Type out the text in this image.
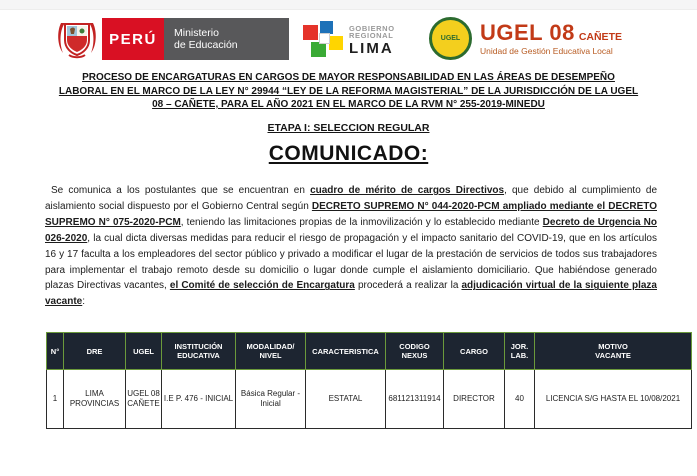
PERÚ	Ministerio
de Educación
GOBIERNO
REGIONAL
LIMA
UGEL UGEL 08 CAÑETE
Unidad de Gestión Educativa Local
PROCESO DE ENCARGATURAS EN CARGOS DE MAYOR RESPONSABILIDAD EN LAS ÁREAS DE DESEMPEÑO
LABORAL EN EL MARCO DE LA LEY N° 29944 “LEY DE LA REFORMA MAGISTERIAL” DE LA JURISDICCIÓN DE LA UGEL
08 – CAÑETE, PARA EL AÑO 2021 EN EL MARCO DE LA RVM N° 255-2019-MINEDU
ETAPA I: SELECCION REGULAR
COMUNICADO:
Se comunica a los postulantes que se encuentran en cuadro de mérito de cargos Directivos, que debido al cumplimiento de aislamiento social dispuesto por el Gobierno Central según DECRETO SUPREMO N° 044-2020-PCM ampliado mediante el DECRETO SUPREMO N° 075-2020-PCM, teniendo las limitaciones propias de la inmovilización y lo establecido mediante Decreto de Urgencia No 026-2020, la cual dicta diversas medidas para reducir el riesgo de propagación y el impacto sanitario del COVID-19, que en los artículos 16 y 17 faculta a los empleadores del sector público y privado a modificar el lugar de la prestación de servicios de todos sus trabajadores para implementar el trabajo remoto desde su domicilio o lugar donde cumple el aislamiento domiciliario. Que habiéndose generado plazas Directivas vacantes, el Comité de selección de Encargatura procederá a realizar la adjudicación virtual de la siguiente plaza vacante:
N°	DRE	UGEL	INSTITUCIÓN EDUCATIVA	MODALIDAD/ NIVEL	CARACTERISTICA	CODIGO NEXUS	CARGO	JOR. LAB.	MOTIVO VACANTE
1	LIMA PROVINCIAS	UGEL 08 CAÑETE	I.E P. 476 - INICIAL	Básica Regular - Inicial	ESTATAL	681121311914	DIRECTOR	40	LICENCIA S/G HASTA EL 10/08/2021
